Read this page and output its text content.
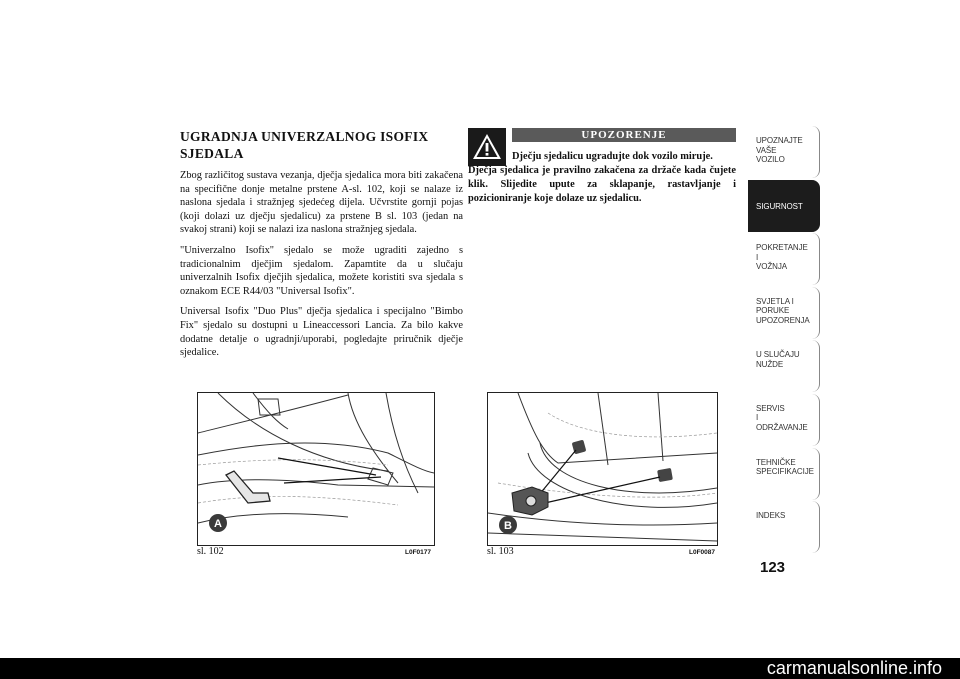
UGRADNJA UNIVERZALNOG ISOFIX SJEDALA

Zbog različitog sustava vezanja, dječja sjedalica mora biti zakačena na specifične donje metalne prstene A-sl. 102, koji se nalaze iz naslona sjedala i stražnjeg sjedećeg dijela. Učvrstite gornji pojas (koji dolazi uz dječju sjedalicu) za prstene B sl. 103 (jedan na svakoj strani) koji se nalazi iza naslona stražnjeg sjedala.

"Univerzalno Isofix" sjedalo se može ugraditi zajedno s tradicionalnim dječjim sjedalom. Zapamtite da u slučaju univerzalnih Isofix dječjih sjedalica, možete koristiti sva sjedala s oznakom ECE R44/03 "Universal Isofix".

Universal Isofix "Duo Plus" dječja sjedalica i specijalno "Bimbo Fix" sjedalo su dostupni u Lineaccessori Lancia. Za bilo kakve dodatne detalje o ugradnji/uporabi, pogledajte priručnik dječje sjedalice.

UPOZORENJE
Dječju sjedalicu ugradujte dok vozilo miruje.
Dječja sjedalica je pravilno zakačena za držače kada čujete klik. Slijedite upute za sklapanje, rastavljanje i pozicioniranje koje dolaze uz sjedalicu.
A
sl. 102	L0F0177
B
sl. 103	L0F0087
UPOZNAJTE
VAŠE
VOZILO
SIGURNOST
POKRETANJE
I
VOŽNJA
SVJETLA I
PORUKE
UPOZORENJA
U SLUČAJU
NUŽDE
SERVIS
I
ODRŽAVANJE
TEHNIČKE
SPECIFIKACIJE
INDEKS
123
carmanualsonline.info
